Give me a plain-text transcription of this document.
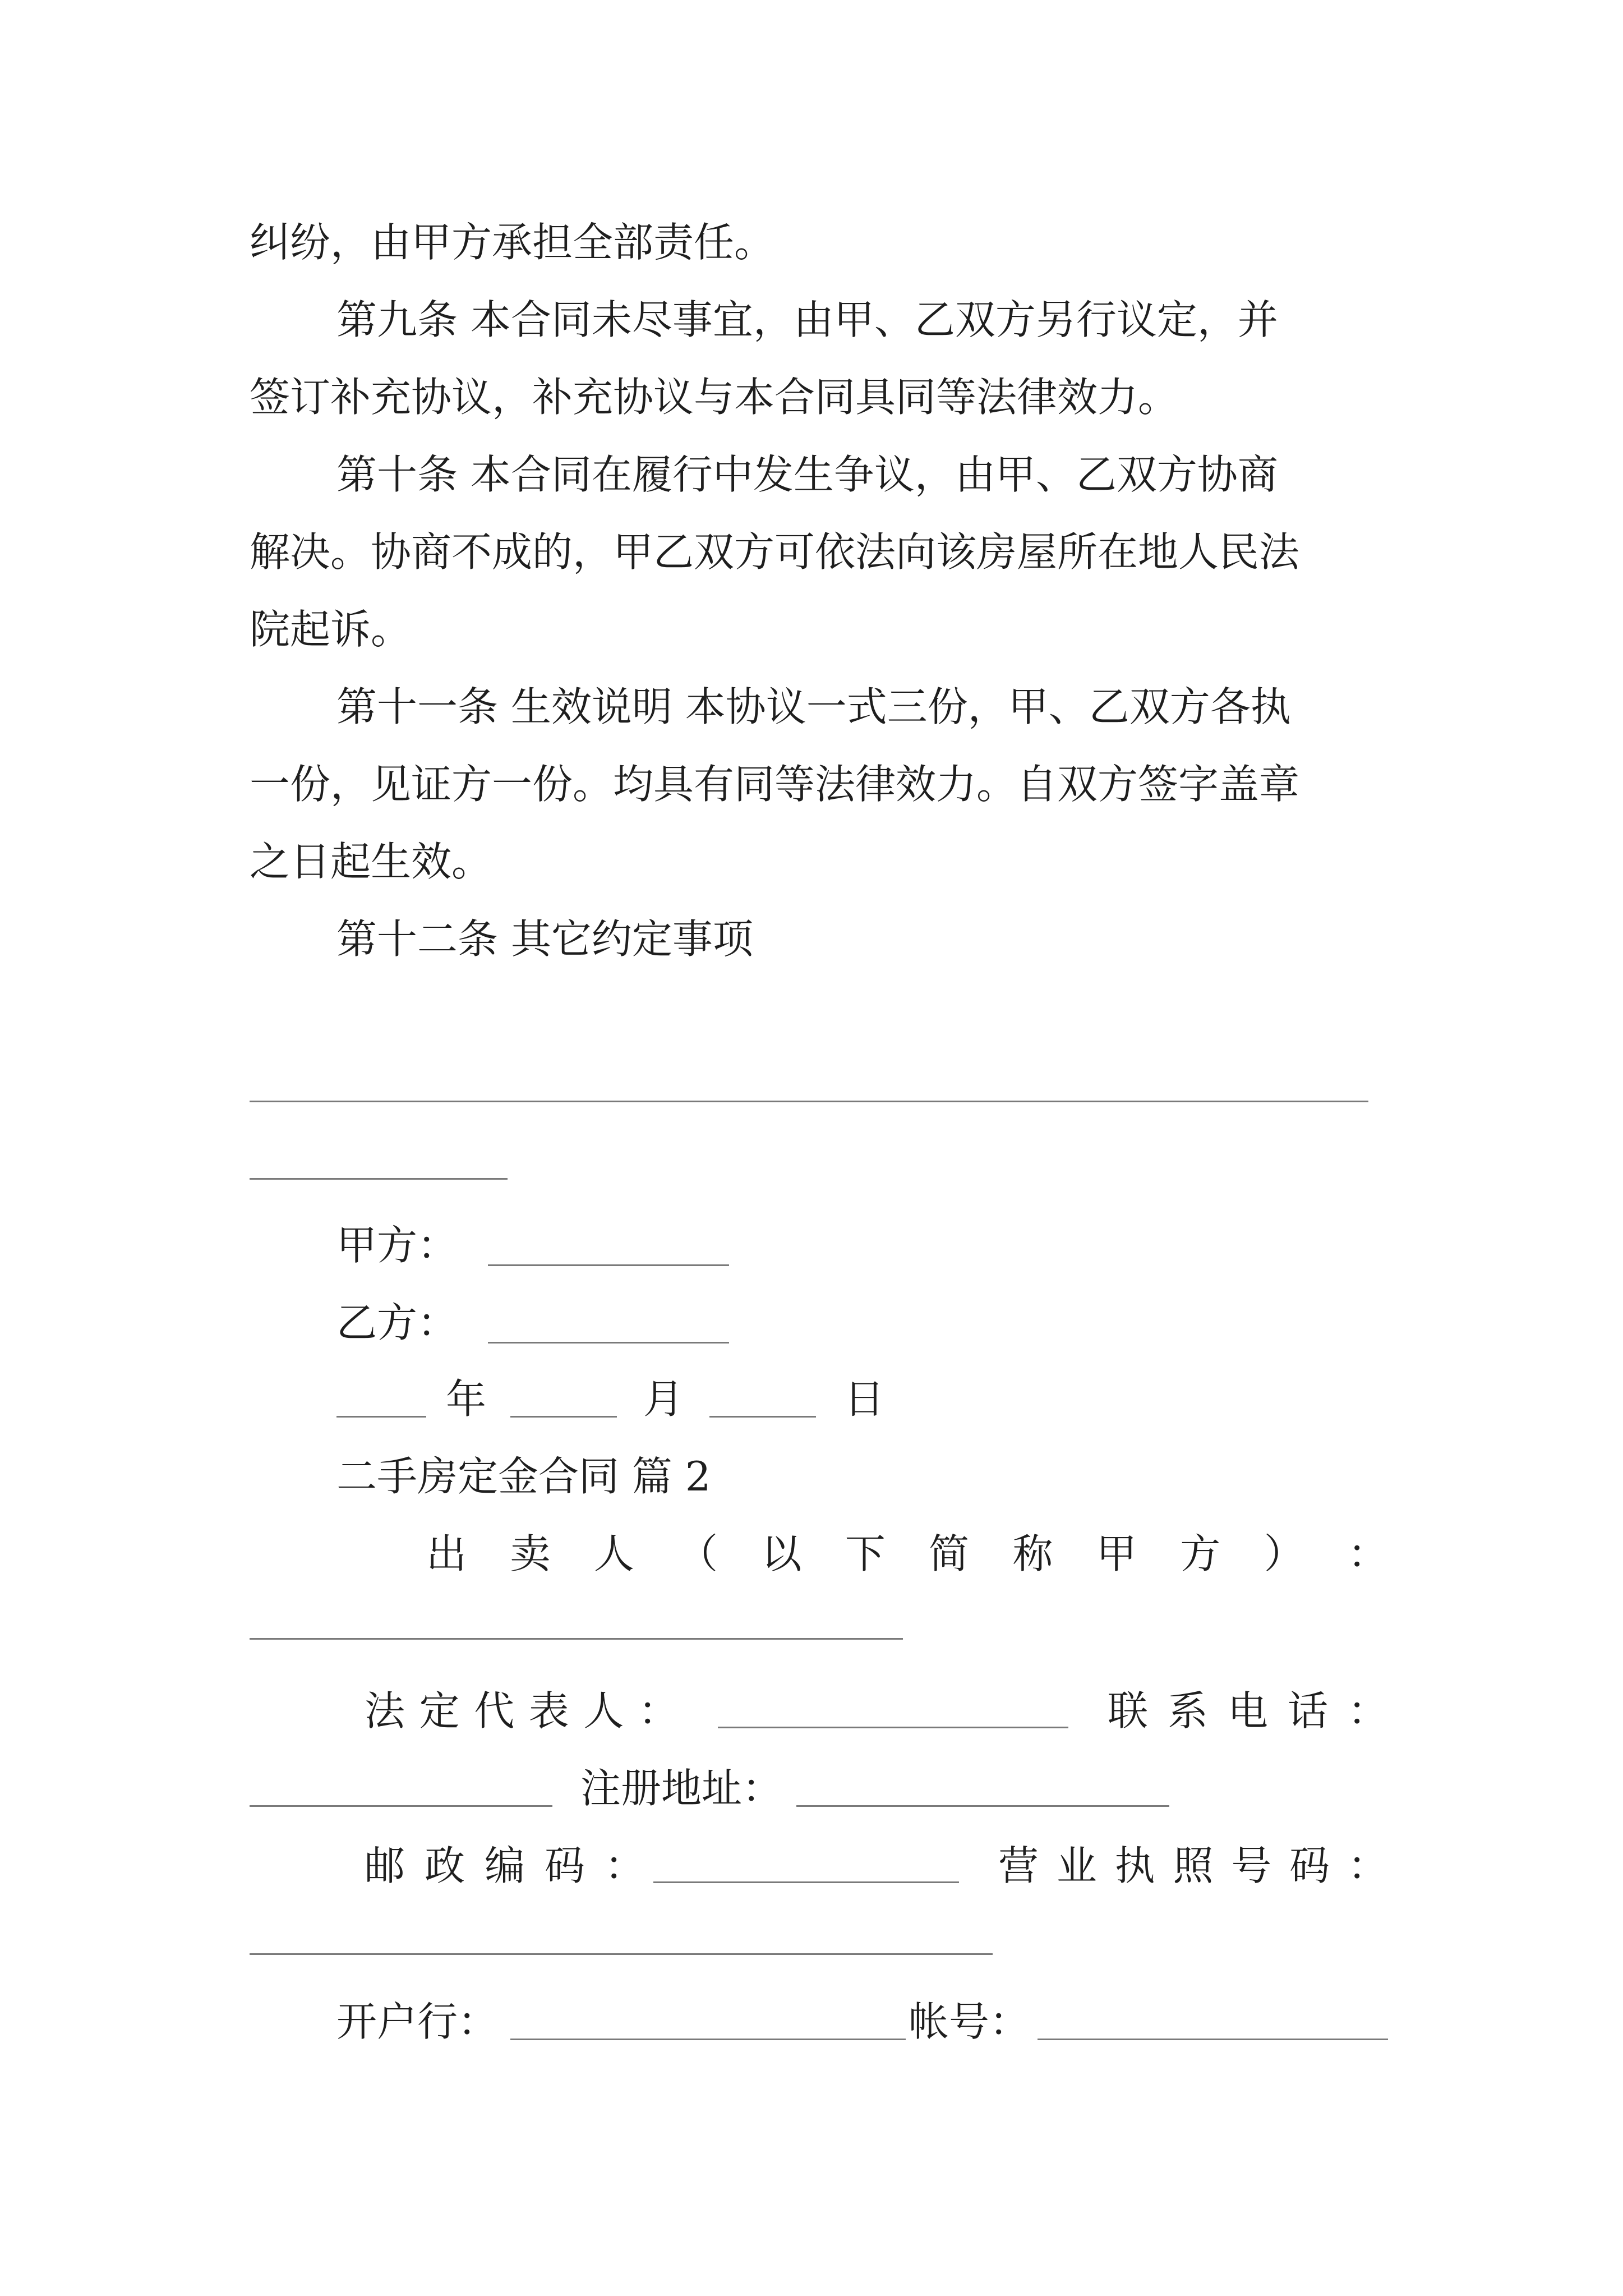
纠纷，由甲方承担全部责任。
第九条 本合同未尽事宜，由甲、乙双方另行议定，并
签订补充协议，补充协议与本合同具同等法律效力。
第十条 本合同在履行中发生争议，由甲、乙双方协商
解决。协商不成的，甲乙双方可依法向该房屋所在地人民法
院起诉。
第十一条 生效说明 本协议一式三份，甲、乙双方各执
一份，见证方一份。均具有同等法律效力。自双方签字盖章
之日起生效。
第十二条 其它约定事项
甲方：
乙方：
年	月	日
二手房定金合同 篇 2
出 卖 人 （ 以 下 简 称 甲 方 ） ：
法 定 代 表 人 ：	联 系 电 话 ：
注册地址：
邮 政 编 码 ：	营 业 执 照 号 码 ：
开户行：	帐号：
